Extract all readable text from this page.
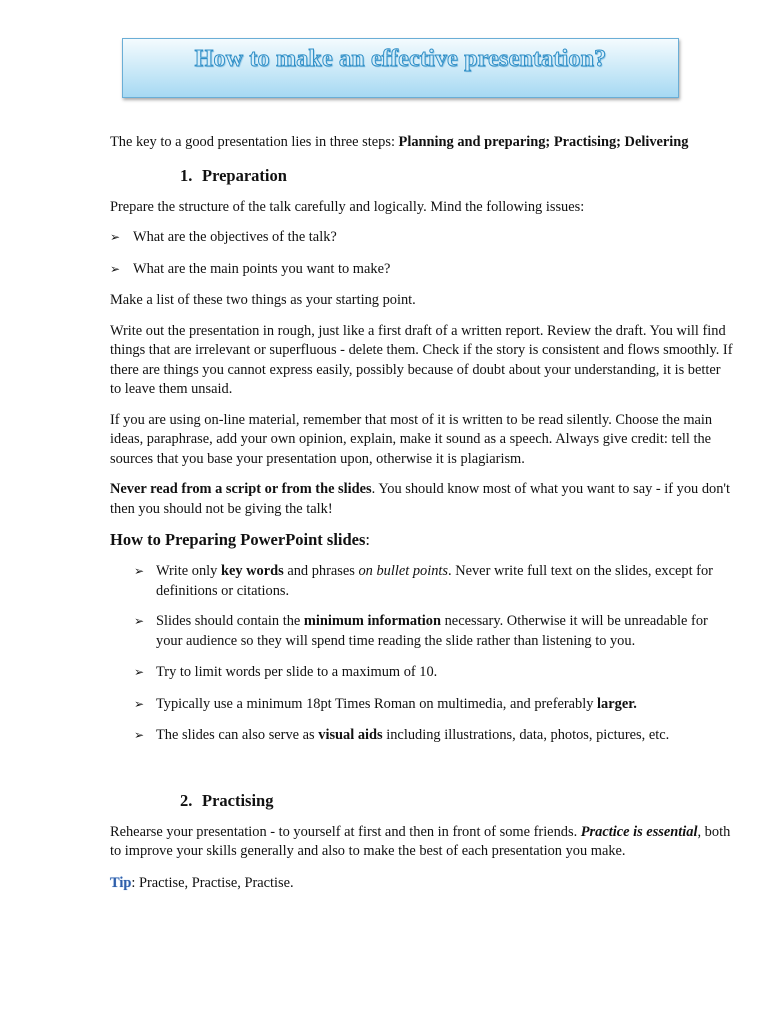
How to make an effective presentation?

The key to a good presentation lies in three steps: Planning and preparing; Practising; Delivering

1. Preparation

Prepare the structure of the talk carefully and logically. Mind the following issues:

➢ What are the objectives of the talk?
➢ What are the main points you want to make?

Make a list of these two things as your starting point.

Write out the presentation in rough, just like a first draft of a written report. Review the draft. You will find things that are irrelevant or superfluous - delete them. Check if the story is consistent and flows smoothly. If there are things you cannot express easily, possibly because of doubt about your understanding, it is better to leave them unsaid.

If you are using on-line material, remember that most of it is written to be read silently. Choose the main ideas, paraphrase, add your own opinion, explain, make it sound as a speech. Always give credit: tell the sources that you base your presentation upon, otherwise it is plagiarism.

Never read from a script or from the slides. You should know most of what you want to say - if you don't then you should not be giving the talk!

How to Preparing PowerPoint slides:
➢ Write only key words and phrases on bullet points. Never write full text on the slides, except for definitions or citations.
➢ Slides should contain the minimum information necessary. Otherwise it will be unreadable for your audience so they will spend time reading the slide rather than listening to you.
➢ Try to limit words per slide to a maximum of 10.
➢ Typically use a minimum 18pt Times Roman on multimedia, and preferably larger.
➢ The slides can also serve as visual aids including illustrations, data, photos, pictures, etc.
2. Practising

Rehearse your presentation - to yourself at first and then in front of some friends. Practice is essential, both to improve your skills generally and also to make the best of each presentation you make.

Tip: Practise, Practise, Practise.
